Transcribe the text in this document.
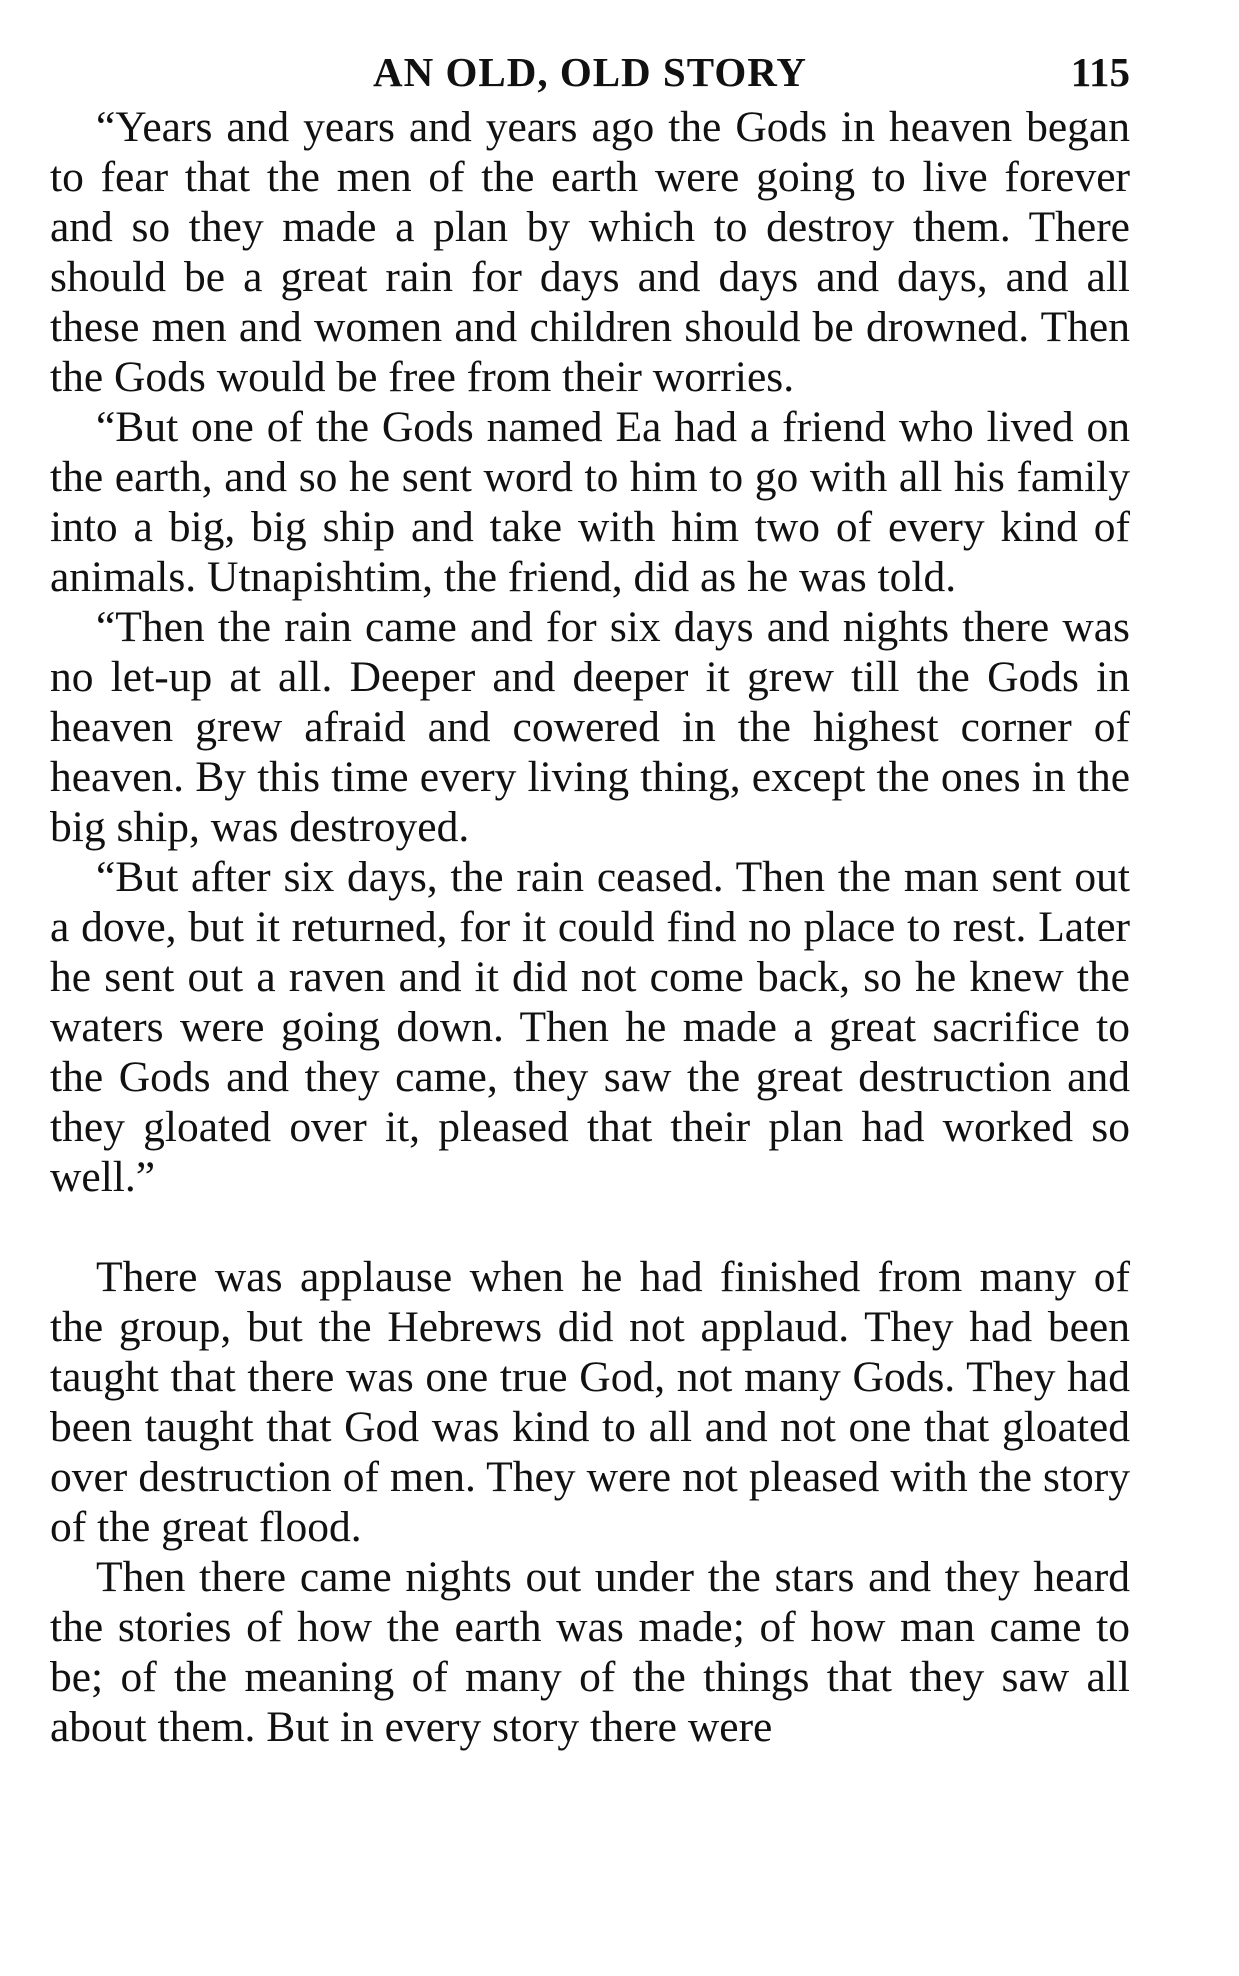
AN OLD, OLD STORY	115

“Years and years and years ago the Gods in heaven began to fear that the men of the earth were going to live forever and so they made a plan by which to destroy them. There should be a great rain for days and days and days, and all these men and women and children should be drowned. Then the Gods would be free from their worries.

“But one of the Gods named Ea had a friend who lived on the earth, and so he sent word to him to go with all his family into a big, big ship and take with him two of every kind of animals. Utnapishtim, the friend, did as he was told.

“Then the rain came and for six days and nights there was no let-up at all. Deeper and deeper it grew till the Gods in heaven grew afraid and cowered in the highest corner of heaven. By this time every living thing, except the ones in the big ship, was destroyed.

“But after six days, the rain ceased. Then the man sent out a dove, but it returned, for it could find no place to rest. Later he sent out a raven and it did not come back, so he knew the waters were going down. Then he made a great sacrifice to the Gods and they came, they saw the great destruction and they gloated over it, pleased that their plan had worked so well.”

There was applause when he had finished from many of the group, but the Hebrews did not applaud. They had been taught that there was one true God, not many Gods. They had been taught that God was kind to all and not one that gloated over destruction of men. They were not pleased with the story of the great flood.

Then there came nights out under the stars and they heard the stories of how the earth was made; of how man came to be; of the meaning of many of the things that they saw all about them. But in every story there were
